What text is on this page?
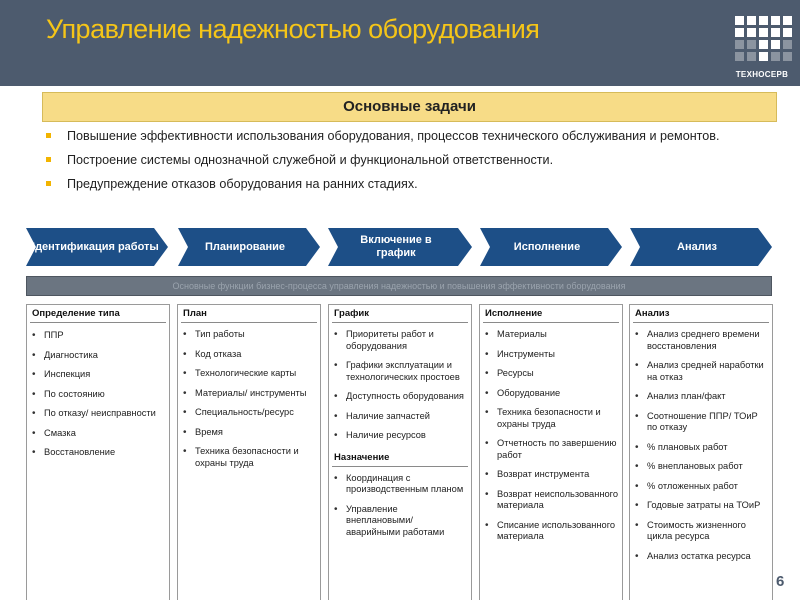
Управление надежностью оборудования
ТЕХНОСЕРВ
Основные задачи
Повышение эффективности использования оборудования, процессов технического обслуживания и ремонтов.
Построение системы однозначной служебной и функциональной ответственности.
Предупреждение отказов оборудования на ранних стадиях.
Идентификация работы	Планирование
Включение в график
Исполнение	Анализ
Основные функции бизнес-процесса управления надежностью и повышения эффективности оборудования
Определение типа
• ППР
• Диагностика
• Инспекция
• По состоянию
• По отказу/ неисправности
• Смазка
• Восстановление
План
• Тип работы
• Код отказа
• Технологические карты
• Материалы/ инструменты
• Специальность/ресурс
• Время
• Техника безопасности и охраны труда
График
• Приоритеты работ и оборудования
• Графики эксплуатации и технологических простоев
• Доступность оборудования
• Наличие запчастей
• Наличие ресурсов
Назначение
• Координация с производственным планом
• Управление внеплановыми/ аварийными работами
Исполнение
• Материалы
• Инструменты
• Ресурсы
• Оборудование
• Техника безопасности и охраны труда
• Отчетность по завершению работ
• Возврат инструмента
• Возврат неиспользованного материала
• Списание использованного материала
Анализ
• Анализ среднего времени восстановления
• Анализ средней наработки на отказ
• Анализ план/факт
• Соотношение ППР/ ТОиР по отказу
• % плановых работ
• % внеплановых работ
• % отложенных работ
• Годовые затраты на ТОиР
• Стоимость жизненного цикла ресурса
• Анализ остатка ресурса
6
